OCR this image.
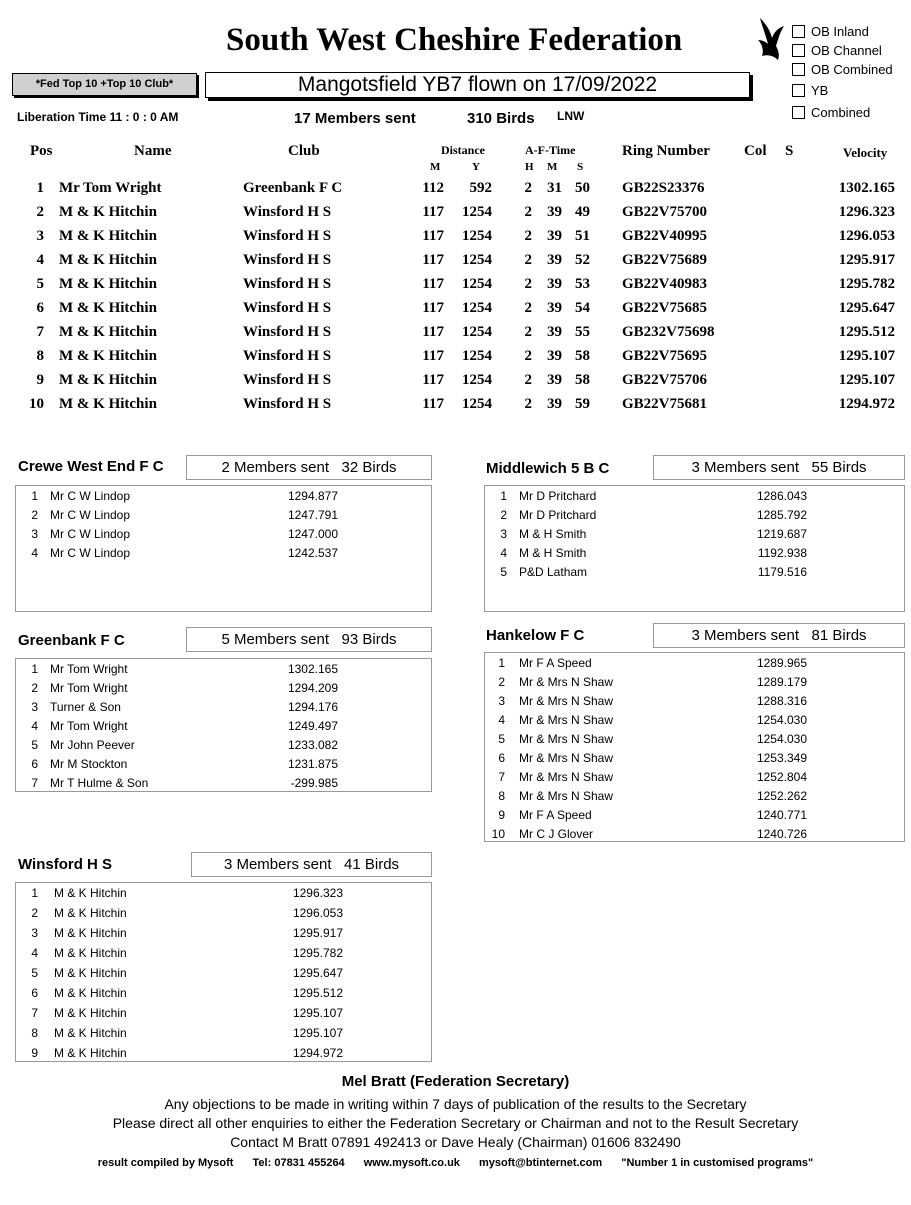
South West Cheshire Federation	OB Inland
OB Channel
OB Combined
YB
Combined
*Fed Top 10 +Top 10 Club*	Mangotsfield YB7 flown on 17/09/2022
Liberation Time 11 : 0 : 0 AM	17 Members sent	310 Birds LNW
Pos	Name	Club	Distance
M	Y
A-F-Time
H M S
Ring Number Col S	Velocity
1 Mr Tom Wright	Greenbank F C	112	592	2	31 50 GB22S23376	1302.165
2 M & K Hitchin	Winsford H S	117	1254	2	39 49 GB22V75700	1296.323
3 M & K Hitchin	Winsford H S	117	1254	2	39 51 GB22V40995	1296.053
4 M & K Hitchin	Winsford H S	117	1254	2	39 52 GB22V75689	1295.917
5 M & K Hitchin	Winsford H S	117	1254	2	39 53 GB22V40983	1295.782
6 M & K Hitchin	Winsford H S	117	1254	2	39 54 GB22V75685	1295.647
7 M & K Hitchin	Winsford H S	117	1254	2	39 55 GB232V75698	1295.512
8 M & K Hitchin	Winsford H S	117	1254	2	39 58 GB22V75695	1295.107
9 M & K Hitchin	Winsford H S	117	1254	2	39 58 GB22V75706	1295.107
10 M & K Hitchin	Winsford H S	117	1254	2	39 59 GB22V75681	1294.972
Crewe West End F C	2 Members sent 32 Birds
1 Mr C W Lindop	1294.877
2 Mr C W Lindop	1247.791
3 Mr C W Lindop	1247.000
4 Mr C W Lindop	1242.537
Middlewich 5 B C	3 Members sent 55 Birds
1 Mr D Pritchard	1286.043
2 Mr D Pritchard	1285.792
3 M & H Smith	1219.687
4 M & H Smith	1192.938
5 P&D Latham	1179.516
Greenbank F C	5 Members sent 93 Birds
1 Mr Tom Wright	1302.165
2 Mr Tom Wright	1294.209
3 Turner & Son	1294.176
4 Mr Tom Wright	1249.497
5 Mr John Peever	1233.082
6 Mr M Stockton	1231.875
7 Mr T Hulme & Son	-299.985
Hankelow F C	3 Members sent 81 Birds
1 Mr F A Speed	1289.965
2 Mr & Mrs N Shaw	1289.179
3 Mr & Mrs N Shaw	1288.316
4 Mr & Mrs N Shaw	1254.030
5 Mr & Mrs N Shaw	1254.030
6 Mr & Mrs N Shaw	1253.349
7 Mr & Mrs N Shaw	1252.804
8 Mr & Mrs N Shaw	1252.262
9 Mr F A Speed	1240.771
10 Mr C J Glover	1240.726
Winsford H S	3 Members sent 41 Birds
1 M & K Hitchin	1296.323
2 M & K Hitchin	1296.053
3 M & K Hitchin	1295.917
4 M & K Hitchin	1295.782
5 M & K Hitchin	1295.647
6 M & K Hitchin	1295.512
7 M & K Hitchin	1295.107
8 M & K Hitchin	1295.107
9 M & K Hitchin	1294.972
Mel Bratt (Federation Secretary)
Any objections to be made in writing within 7 days of publication of the results to the Secretary
Please direct all other enquiries to either the Federation Secretary or Chairman and not to the Result Secretary
Contact M Bratt 07891 492413 or Dave Healy (Chairman) 01606 832490
result compiled by Mysoft Tel: 07831 455264 www.mysoft.co.uk mysoft@btinternet.com "Number 1 in customised programs"
